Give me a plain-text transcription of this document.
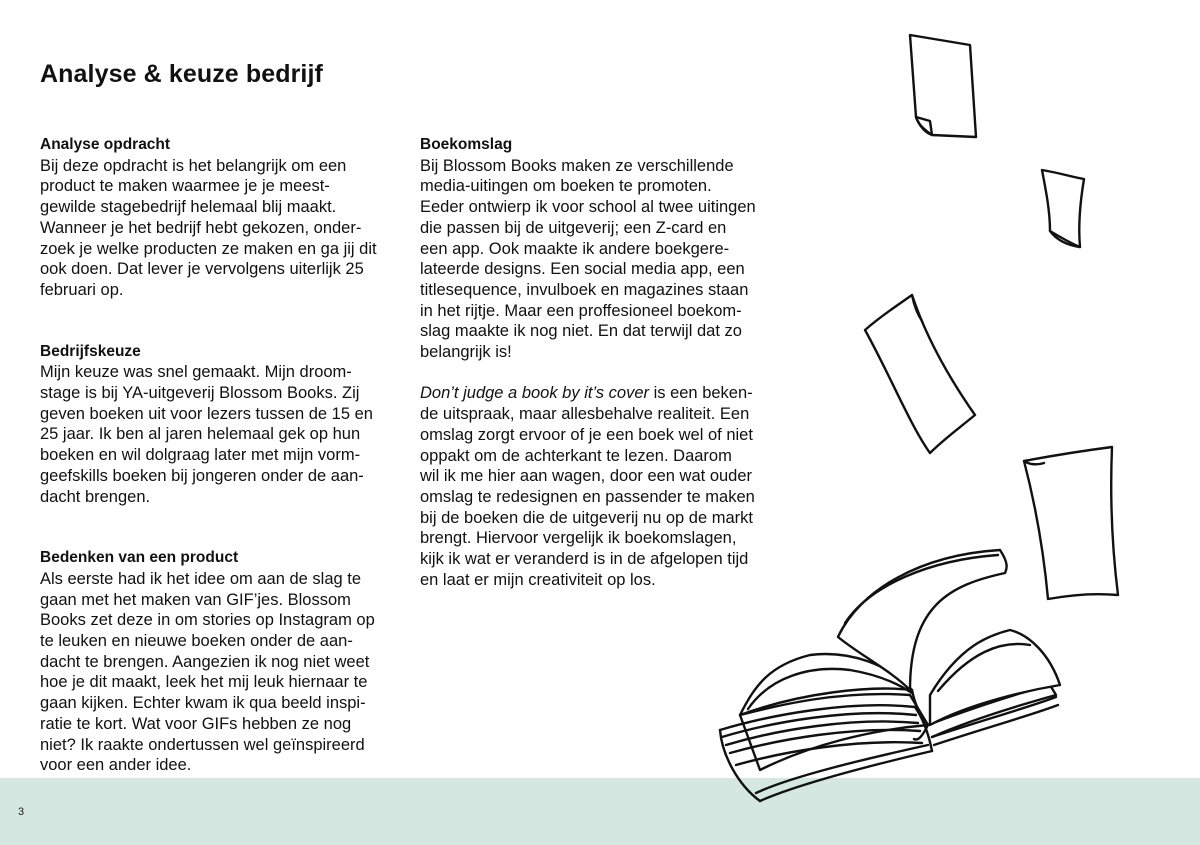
Analyse & keuze bedrijf
Analyse opdracht
Bij deze opdracht is het belangrijk om een
product te maken waarmee je je meest-
gewilde stagebedrijf helemaal blij maakt.
Wanneer je het bedrijf hebt gekozen, onder-
zoek je welke producten ze maken en ga jij dit
ook doen. Dat lever je vervolgens uiterlijk 25
februari op.
Bedrijfskeuze
Mijn keuze was snel gemaakt. Mijn droom-
stage is bij YA-uitgeverij Blossom Books. Zij
geven boeken uit voor lezers tussen de 15 en
25 jaar. Ik ben al jaren helemaal gek op hun
boeken en wil dolgraag later met mijn vorm-
geefskills boeken bij jongeren onder de aan-
dacht brengen.
Bedenken van een product
Als eerste had ik het idee om aan de slag te
gaan met het maken van GIF’jes. Blossom
Books zet deze in om stories op Instagram op
te leuken en nieuwe boeken onder de aan-
dacht te brengen. Aangezien ik nog niet weet
hoe je dit maakt, leek het mij leuk hiernaar te
gaan kijken. Echter kwam ik qua beeld inspi-
ratie te kort. Wat voor GIFs hebben ze nog
niet? Ik raakte ondertussen wel geïnspireerd
voor een ander idee.
Boekomslag
Bij Blossom Books maken ze verschillende
media-uitingen om boeken te promoten.
Eeder ontwierp ik voor school al twee uitingen
die passen bij de uitgeverij; een Z-card en
een app. Ook maakte ik andere boekgere-
lateerde designs. Een social media app, een
titlesequence, invulboek en magazines staan
in het rijtje. Maar een proffesioneel boekom-
slag maakte ik nog niet. En dat terwijl dat zo
belangrijk is!
Don’t judge a book by it’s cover is een beken-
de uitspraak, maar allesbehalve realiteit. Een
omslag zorgt ervoor of je een boek wel of niet
oppakt om de achterkant te lezen. Daarom
wil ik me hier aan wagen, door een wat ouder
omslag te redesignen en passender te maken
bij de boeken die de uitgeverij nu op de markt
brengt. Hiervoor vergelijk ik boekomslagen,
kijk ik wat er veranderd is in de afgelopen tijd
en laat er mijn creativiteit op los.
3
